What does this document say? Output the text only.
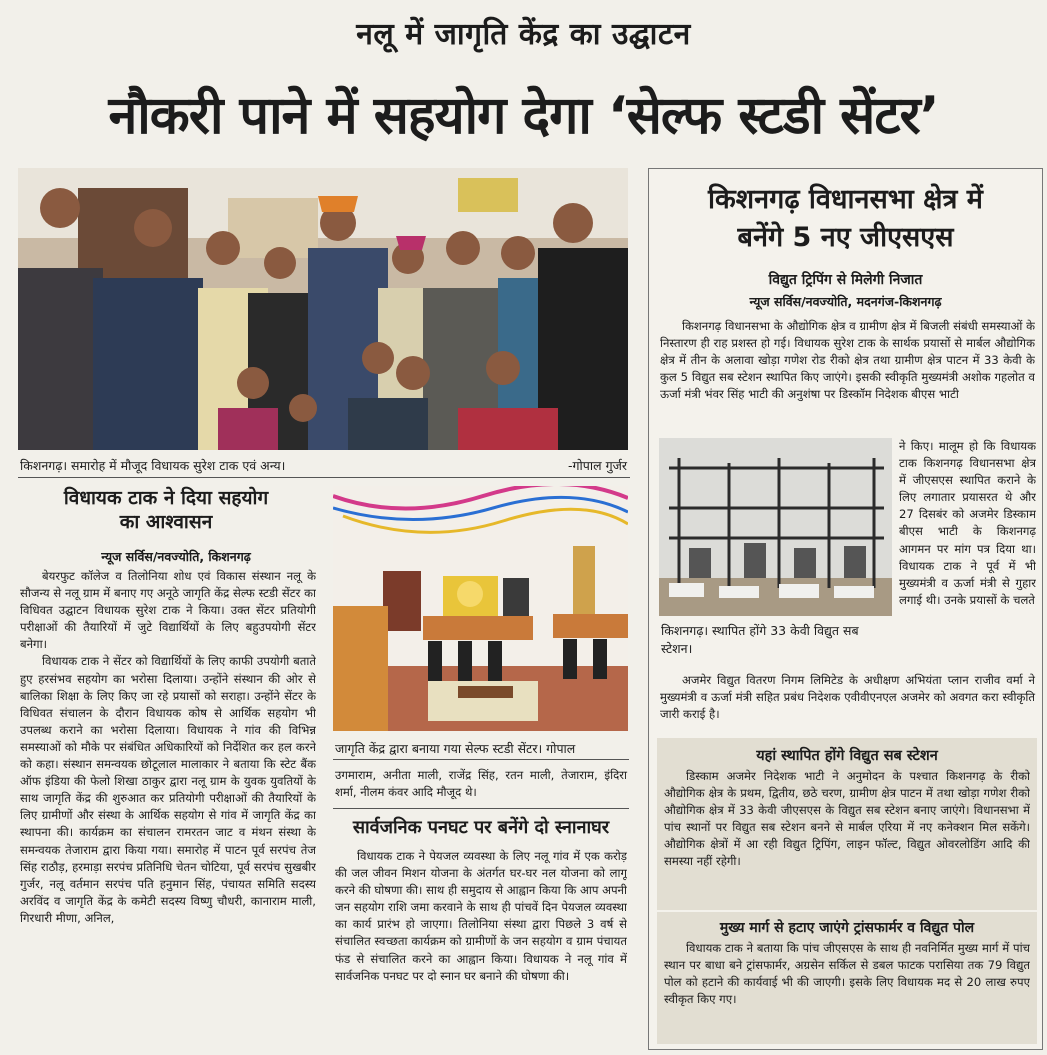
नलू में जागृति केंद्र का उद्घाटन
नौकरी पाने में सहयोग देगा ‘सेल्फ स्टडी सेंटर’
किशनगढ़। समारोह में मौजूद विधायक सुरेश टाक एवं अन्य।	-गोपाल गुर्जर
विधायक टाक ने दिया सहयोग का आश्वासन
न्यूज सर्विस/नवज्योति, किशनगढ़

बेयरफुट कॉलेज व तिलोनिया शोध एवं विकास संस्थान नलू के सौजन्य से नलू ग्राम में बनाए गए अनूठे जागृति केंद्र सेल्फ स्टडी सेंटर का विधिवत उद्घाटन विधायक सुरेश टाक ने किया। उक्त सेंटर प्रतियोगी परीक्षाओं की तैयारियों में जुटे विद्यार्थियों के लिए बहुउपयोगी सेंटर बनेगा।

विधायक टाक ने सेंटर को विद्यार्थियों के लिए काफी उपयोगी बताते हुए हरसंभव सहयोग का भरोसा दिलाया। उन्होंने संस्थान की ओर से बालिका शिक्षा के लिए किए जा रहे प्रयासों को सराहा। उन्होंने सेंटर के विधिवत संचालन के दौरान विधायक कोष से आर्थिक सहयोग भी उपलब्ध कराने का भरोसा दिलाया। विधायक ने गांव की विभिन्न समस्याओं को मौके पर संबंधित अधिकारियों को निर्देशित कर हल करने को कहा। संस्थान समन्वयक छोटूलाल मालाकार ने बताया कि स्टेट बैंक ऑफ इंडिया की फेलो शिखा ठाकुर द्वारा नलू ग्राम के युवक युवतियों के साथ जागृति केंद्र की शुरुआत कर प्रतियोगी परीक्षाओं की तैयारियों के लिए ग्रामीणों और संस्था के आर्थिक सहयोग से गांव में जागृति केंद्र का स्थापना की। कार्यक्रम का संचालन रामरतन जाट व मंथन संस्था के समन्वयक तेजाराम द्वारा किया गया। समारोह में पाटन पूर्व सरपंच तेज सिंह राठौड़, हरमाड़ा सरपंच प्रतिनिधि चेतन चोटिया, पूर्व सरपंच सुखबीर गुर्जर, नलू वर्तमान सरपंच पति हनुमान सिंह, पंचायत समिति सदस्य अरविंद व जागृति केंद्र के कमेटी सदस्य विष्णु चौधरी, कानाराम माली, गिरधारी मीणा, अनिल,

जागृति केंद्र द्वारा बनाया गया सेल्फ स्टडी सेंटर। गोपाल
उगमाराम, अनीता माली, राजेंद्र सिंह, रतन माली, तेजाराम, इंदिरा शर्मा, नीलम कंवर आदि मौजूद थे।
सार्वजनिक पनघट पर बनेंगे दो स्नानाघर

विधायक टाक ने पेयजल व्यवस्था के लिए नलू गांव में एक करोड़ की जल जीवन मिशन योजना के अंतर्गत घर-घर नल योजना को लागू करने की घोषणा की। साथ ही समुदाय से आह्वान किया कि आप अपनी जन सहयोग राशि जमा करवाने के साथ ही पांचवें दिन पेयजल व्यवस्था का कार्य प्रारंभ हो जाएगा। तिलोनिया संस्था द्वारा पिछले 3 वर्ष से संचालित स्वच्छता कार्यक्रम को ग्रामीणों के जन सहयोग व ग्राम पंचायत फंड से संचालित करने का आह्वान किया। विधायक ने नलू गांव में सार्वजनिक पनघट पर दो स्नान घर बनाने की घोषणा की।

किशनगढ़ विधानसभा क्षेत्र में
बनेंगे 5 नए जीएसएस
विद्युत ट्रिपिंग से मिलेगी निजात
न्यूज सर्विस/नवज्योति, मदनगंज-किशनगढ़

किशनगढ़ विधानसभा के औद्योगिक क्षेत्र व ग्रामीण क्षेत्र में बिजली संबंधी समस्याओं के निस्तारण ही राह प्रशस्त हो गई। विधायक सुरेश टाक के सार्थक प्रयासों से मार्बल औद्योगिक क्षेत्र में तीन के अलावा खोड़ा गणेश रोड रीको क्षेत्र तथा ग्रामीण क्षेत्र पाटन में 33 केवी के कुल 5 विद्युत सब स्टेशन स्थापित किए जाएंगे। इसकी स्वीकृति मुख्यमंत्री अशोक गहलोत व ऊर्जा मंत्री भंवर सिंह भाटी की अनुशंषा पर डिस्कॉम निदेशक बीएस भाटी

किशनगढ़। स्थापित होंगे 33 केवी विद्युत सब स्टेशन।

ने किए। मालूम हो कि विधायक टाक किशनगढ़ विधानसभा क्षेत्र में जीएसएस स्थापित कराने के लिए लगातार प्रयासरत थे और 27 दिसबंर को अजमेर डिस्काम बीएस भाटी के किशनगढ़ आगमन पर मांग पत्र दिया था। विधायक टाक ने पूर्व में भी मुख्यमंत्री व ऊर्जा मंत्री से गुहार लगाई थी। उनके प्रयासों के चलते

अजमेर विद्युत वितरण निगम लिमिटेड के अधीक्षण अभियंता प्लान राजीव वर्मा ने मुख्यमंत्री व ऊर्जा मंत्री सहित प्रबंध निदेशक एवीवीएनएल अजमेर को अवगत करा स्वीकृति जारी कराई है।

यहां स्थापित होंगे विद्युत सब स्टेशन

डिस्काम अजमेर निदेशक भाटी ने अनुमोदन के पश्चात किशनगढ़ के रीको औद्योगिक क्षेत्र के प्रथम, द्वितीय, छठे चरण, ग्रामीण क्षेत्र पाटन में तथा खोड़ा गणेश रीको औद्योगिक क्षेत्र में 33 केवी जीएसएस के विद्युत सब स्टेशन बनाए जाएंगे। विधानसभा में पांच स्थानों पर विद्युत सब स्टेशन बनने से मार्बल एरिया में नए कनेक्शन मिल सकेंगे। औद्योगिक क्षेत्रों में आ रही विद्युत ट्रिपिंग, लाइन फॉल्ट, विद्युत ओवरलोडिंग आदि की समस्या नहीं रहेगी।

मुख्य मार्ग से हटाए जाएंगे ट्रांसफार्मर व विद्युत पोल

विधायक टाक ने बताया कि पांच जीएसएस के साथ ही नवनिर्मित मुख्य मार्ग में पांच स्थान पर बाधा बने ट्रांसफार्मर, अग्रसेन सर्किल से डबल फाटक परासिया तक 79 विद्युत पोल को हटाने की कार्यवाई भी की जाएगी। इसके लिए विधायक मद से 20 लाख रुपए स्वीकृत किए गए।
